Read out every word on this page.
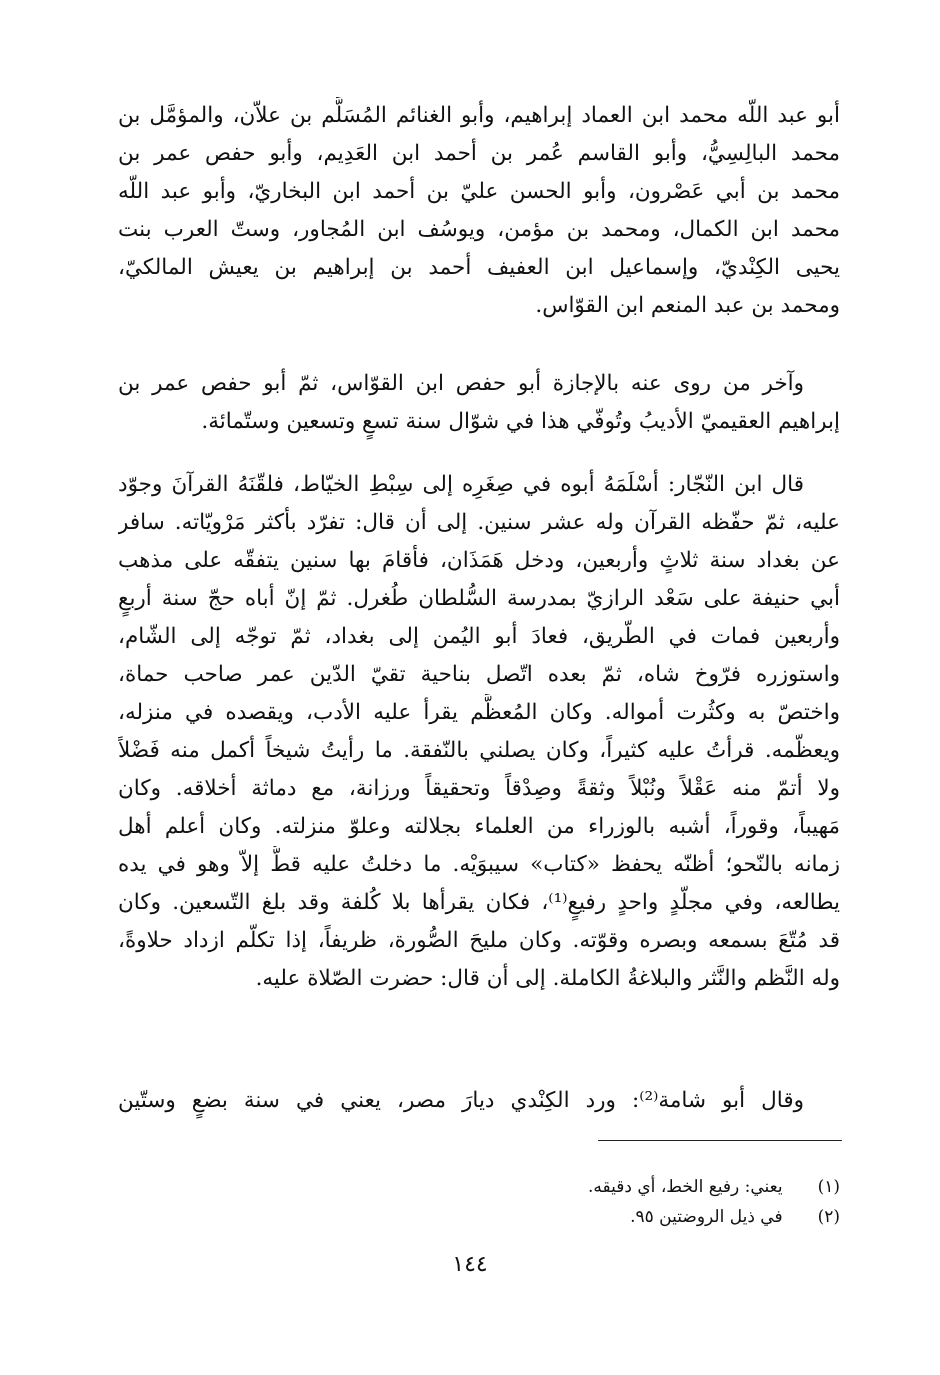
أبو عبد اللّه محمد ابن العماد إبراهيم، وأبو الغنائم المُسَلَّم بن علاّن، والمؤمَّل بن
محمد البالِسِيُّ، وأبو القاسم عُمر بن أحمد ابن العَدِيم، وأبو حفص عمر بن
محمد بن أبي عَصْرون، وأبو الحسن عليّ بن أحمد ابن البخاريّ، وأبو عبد اللّه
محمد ابن الكمال، ومحمد بن مؤمن، ويوسُف ابن المُجاور، وستّ العرب بنت
يحيى الكِنْديّ، وإسماعيل ابن العفيف أحمد بن إبراهيم بن يعيش المالكيّ،
ومحمد بن عبد المنعم ابن القوّاس.
وآخر من روى عنه بالإجازة أبو حفص ابن القوّاس، ثمّ أبو حفص عمر بن
إبراهيم العقيميّ الأديبُ وتُوفّي هذا في شوّال سنة تسعٍ وتسعين وستّمائة.
قال ابن النّجّار: أسْلَمَهُ أبوه في صِغَرِه إلى سِبْطِ الخيّاط، فلقّنَهُ القرآنَ وجوّد
عليه، ثمّ حفّظه القرآن وله عشر سنين. إلى أن قال: تفرّد بأكثر مَرْويّاته. سافر
عن بغداد سنة ثلاثٍ وأربعين، ودخل هَمَذَان، فأقامَ بها سنين يتفقّه على مذهب
أبي حنيفة على سَعْد الرازيّ بمدرسة السُّلطان طُغرل. ثمّ إنّ أباه حجّ سنة أربعٍ
وأربعين فمات في الطّريق، فعادَ أبو اليُمن إلى بغداد، ثمّ توجّه إلى الشّام،
واستوزره فرّوخ شاه، ثمّ بعده اتّصل بناحية تقيّ الدّين عمر صاحب حماة،
واختصّ به وكثُرت أمواله. وكان المُعظَّم يقرأ عليه الأدب، ويقصده في منزله،
ويعظّمه. قرأتُ عليه كثيراً، وكان يصلني بالنّفقة. ما رأيتُ شيخاً أكمل منه فَضْلاً
ولا أتمّ منه عَقْلاً ونُبْلاً وثقةً وصِدْقاً وتحقيقاً ورزانة، مع دماثة أخلاقه. وكان
مَهيباً، وقوراً، أشبه بالوزراء من العلماء بجلالته وعلوّ منزلته. وكان أعلم أهل
زمانه بالنّحو؛ أظنّه يحفظ «كتاب» سيبوَيْه. ما دخلتُ عليه قطُّ إلاّ وهو في يده
يطالعه، وفي مجلّدٍ واحدٍ رفيعٍ⁽¹⁾، فكان يقرأها بلا كُلفة وقد بلغ التّسعين. وكان
قد مُتّعَ بسمعه وبصره وقوّته. وكان مليحَ الصُّورة، ظريفاً، إذا تكلّم ازداد حلاوةً،
وله النَّظم والنَّثر والبلاغةُ الكاملة. إلى أن قال: حضرت الصّلاة عليه.
وقال أبو شامة⁽²⁾: ورد الكِنْدي ديارَ مصر، يعني في سنة بضعٍ وستّين
(١) يعني: رفيع الخط، أي دقيقه.
(٢) في ذيل الروضتين ٩٥.
١٤٤
